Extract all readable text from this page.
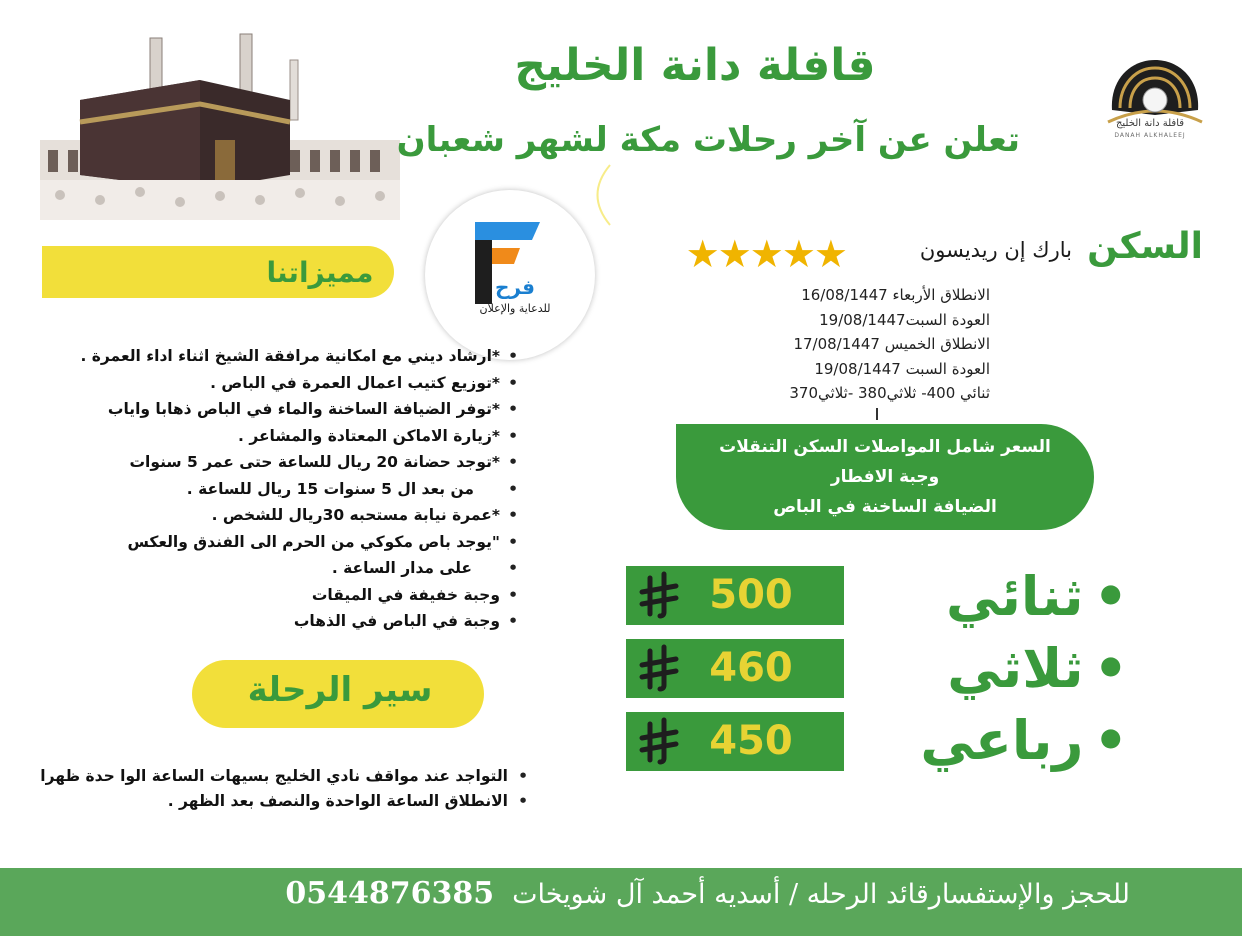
قافلة دانة الخليج
تعلن عن آخر رحلات مكة لشهر شعبان	قافلة دانة الخليج
DANAH ALKHALEEJ
فرح
للدعاية والإعلان
مميزاتنا
• *ارشاد ديني مع امكانية مرافقة الشيخ اثناء اداء العمرة .
• *توزيع كتيب اعمال العمرة في الباص .
• *توفر الضيافة الساخنة والماء في الباص ذهابا واياب
• *زيارة الاماكن المعتادة والمشاعر .
• *توجد حضانة 20 ريال للساعة حتى عمر 5 سنوات
• من بعد ال 5 سنوات 15 ريال للساعة .
• *عمرة نيابة مستحبه 30ريال للشخص .
• "يوجد باص مكوكي من الحرم الى الفندق والعكس
• على مدار الساعة .
• وجبة خفيفة في الميقات
• وجبة في الباص في الذهاب
سير الرحلة
• التواجد عند مواقف نادي الخليج بسيهات الساعة الوا حدة ظهرا
• الانطلاق الساعة الواحدة والنصف بعد الظهر .
السكن
بارك إن ريديسون
★★★★★
الانطلاق الأربعاء 16/08/1447
العودة السبت19/08/1447
الانطلاق الخميس 17/08/1447
العودة السبت 19/08/1447
ثنائي 400- ثلاثي380 -ثلاثي370
السعر شامل المواصلات السكن التنقلات
وجبة الافطار
الضيافة الساخنة في الباص
500
460
450
• ثنائي
• ثلاثي
• رباعي
للحجز والإستفسارقائد الرحله / أسديه أحمد آل شويخات0544876385
